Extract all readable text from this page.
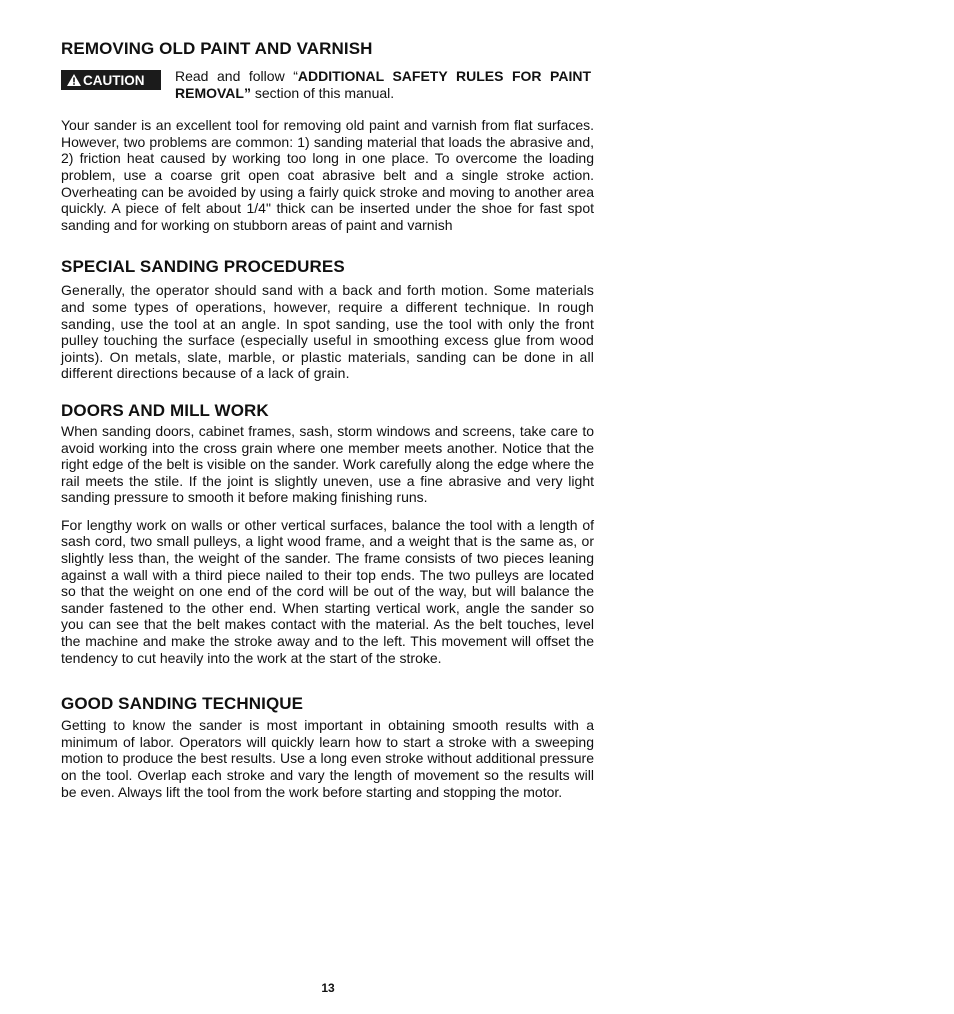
REMOVING OLD PAINT AND VARNISH
CAUTION Read and follow “ADDITIONAL SAFETY RULES FOR PAINT REMOVAL” section of this manual.

Your sander is an excellent tool for removing old paint and varnish from flat surfaces. However, two problems are common: 1) sanding material that loads the abrasive and, 2) friction heat caused by working too long in one place. To overcome the loading problem, use a coarse grit open coat abrasive belt and a single stroke action. Overheating can be avoided by using a fairly quick stroke and moving to another area quickly. A piece of felt about 1/4" thick can be inserted under the shoe for fast spot sanding and for working on stubborn areas of paint and varnish

SPECIAL SANDING PROCEDURES

Generally, the operator should sand with a back and forth motion. Some materials and some types of operations, however, require a different technique. In rough sanding, use the tool at an angle. In spot sanding, use the tool with only the front pulley touching the surface (especially useful in smoothing excess glue from wood joints). On metals, slate, marble, or plastic materials, sanding can be done in all different directions because of a lack of grain.

DOORS AND MILL WORK

When sanding doors, cabinet frames, sash, storm windows and screens, take care to avoid working into the cross grain where one member meets another. Notice that the right edge of the belt is visible on the sander. Work carefully along the edge where the rail meets the stile. If the joint is slightly uneven, use a fine abrasive and very light sanding pressure to smooth it before making finishing runs.

For lengthy work on walls or other vertical surfaces, balance the tool with a length of sash cord, two small pulleys, a light wood frame, and a weight that is the same as, or slightly less than, the weight of the sander. The frame consists of two pieces leaning against a wall with a third piece nailed to their top ends. The two pulleys are located so that the weight on one end of the cord will be out of the way, but will balance the sander fastened to the other end. When starting vertical work, angle the sander so you can see that the belt makes contact with the material. As the belt touches, level the machine and make the stroke away and to the left. This movement will offset the tendency to cut heavily into the work at the start of the stroke.

GOOD SANDING TECHNIQUE

Getting to know the sander is most important in obtaining smooth results with a minimum of labor. Operators will quickly learn how to start a stroke with a sweeping motion to produce the best results. Use a long even stroke without additional pressure on the tool. Overlap each stroke and vary the length of movement so the results will be even. Always lift the tool from the work before starting and stopping the motor.

13
